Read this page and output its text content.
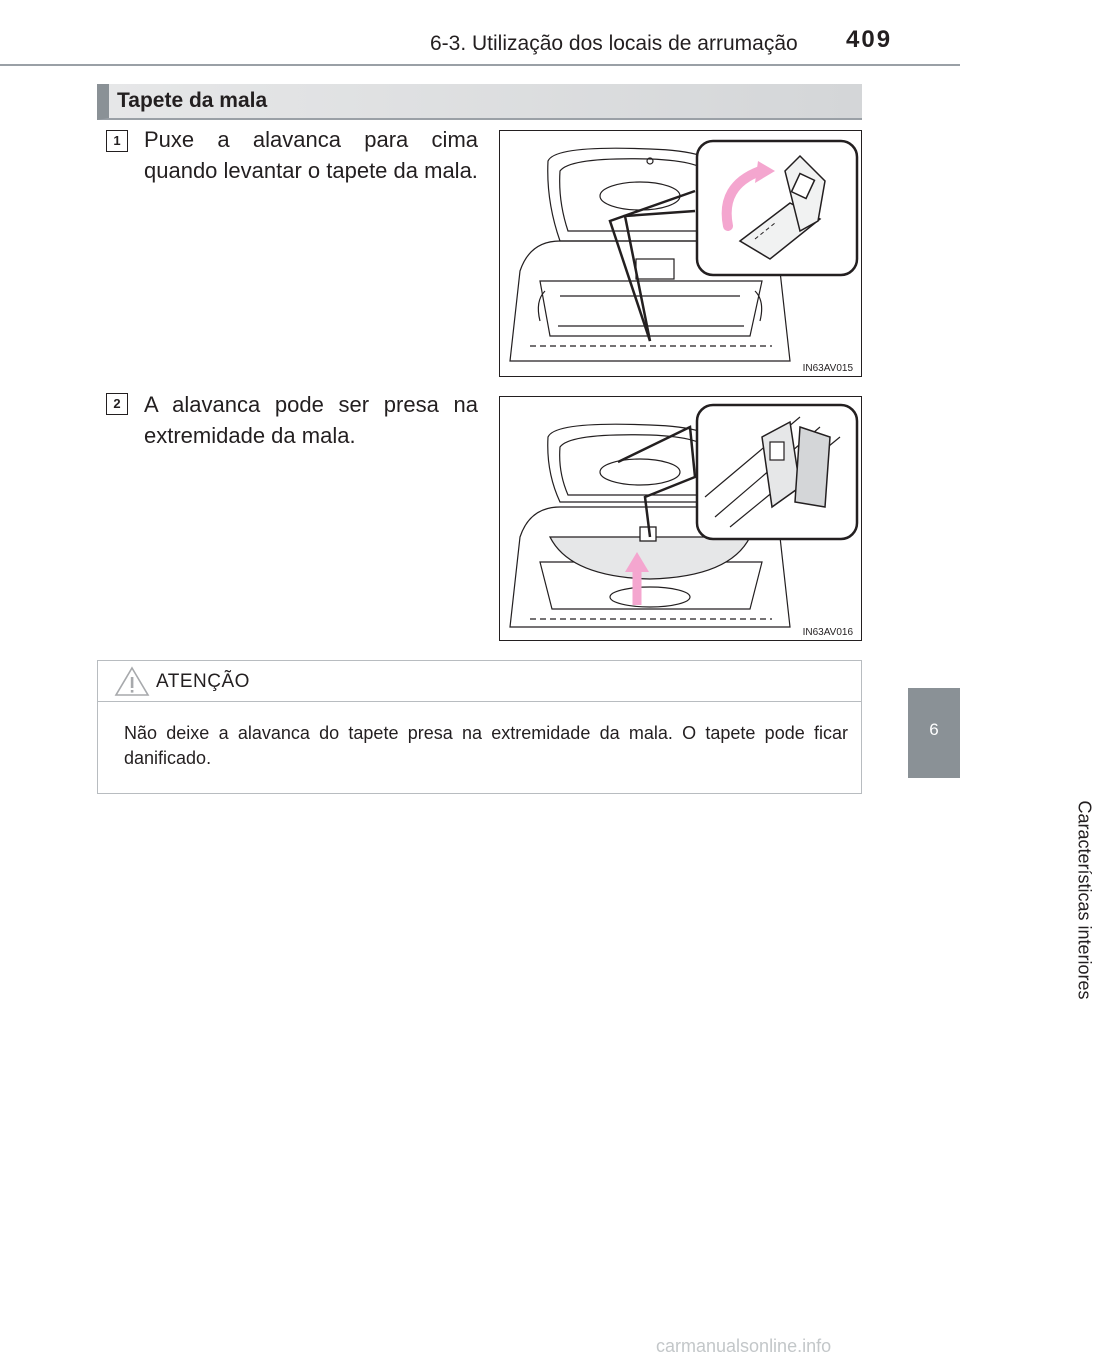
6-3. Utilização dos locais de arrumação 409
6
Características interiores
Tapete da mala
1	Puxe a alavanca para cima quando levantar o tapete da mala.
IN63AV015
2	A alavanca pode ser presa na extremidade da mala.
IN63AV016
ATENÇÃO
Não deixe a alavanca do tapete presa na extremidade da mala. O tapete pode ficar danificado.
carmanualsonline.info
